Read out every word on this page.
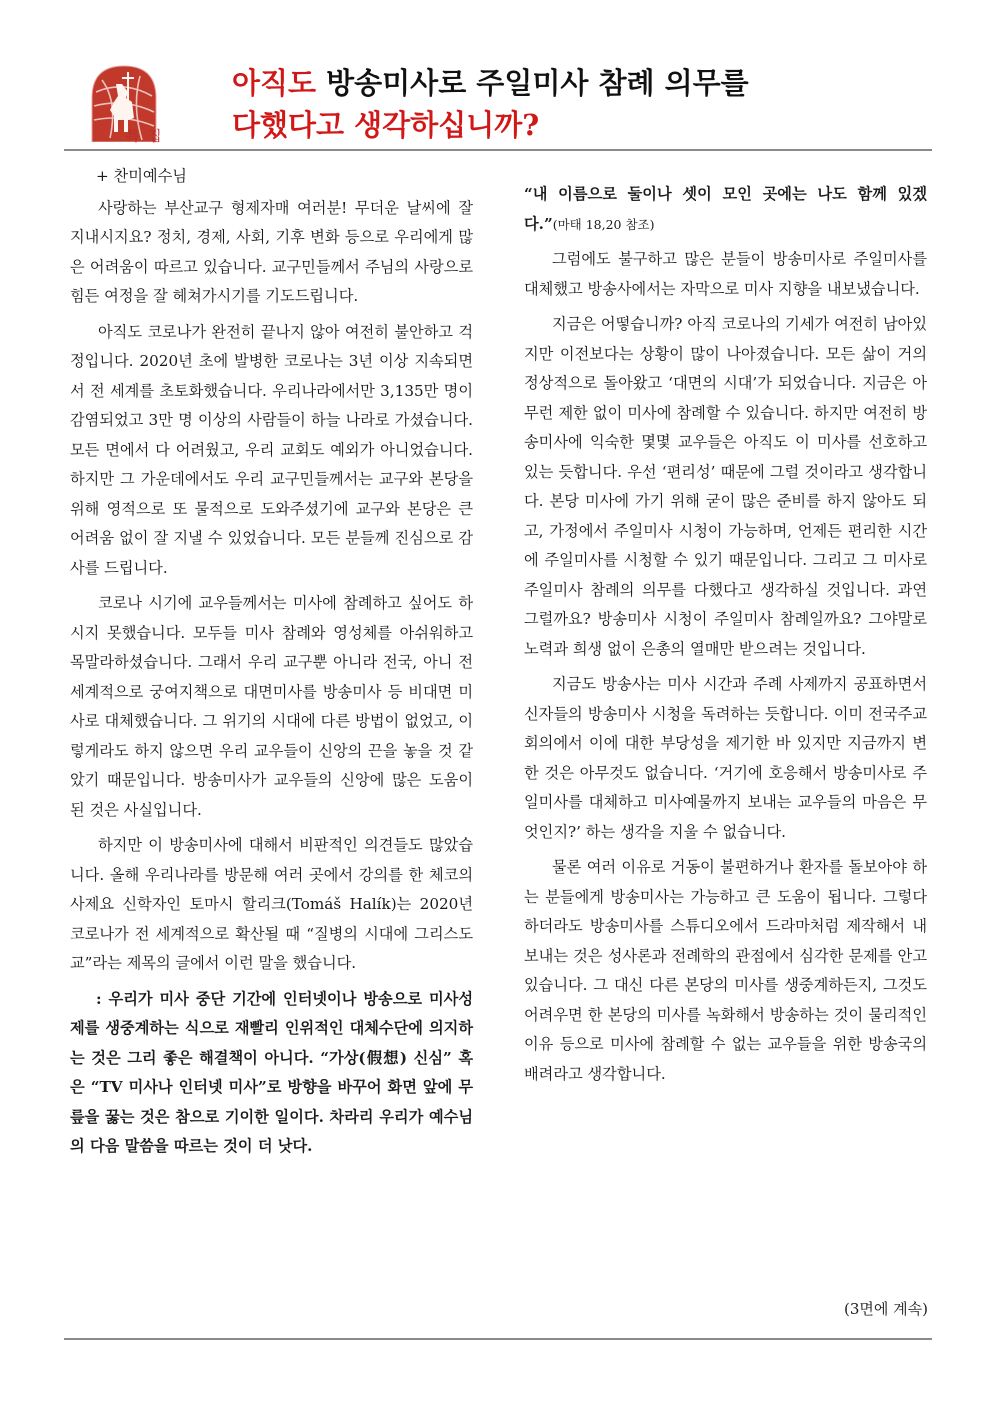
특 집
아직도 방송미사로 주일미사 참례 의무를
다했다고 생각하십니까?

+ 찬미예수님

사랑하는 부산교구 형제자매 여러분! 무더운 날씨에 잘 지내시지요? 정치, 경제, 사회, 기후 변화 등으로 우리에게 많은 어려움이 따르고 있습니다. 교구민들께서 주님의 사랑으로 힘든 여정을 잘 헤쳐가시기를 기도드립니다.

아직도 코로나가 완전히 끝나지 않아 여전히 불안하고 걱정입니다. 2020년 초에 발병한 코로나는 3년 이상 지속되면서 전 세계를 초토화했습니다. 우리나라에서만 3,135만 명이 감염되었고 3만 명 이상의 사람들이 하늘 나라로 가셨습니다. 모든 면에서 다 어려웠고, 우리 교회도 예외가 아니었습니다. 하지만 그 가운데에서도 우리 교구민들께서는 교구와 본당을 위해 영적으로 또 물적으로 도와주셨기에 교구와 본당은 큰 어려움 없이 잘 지낼 수 있었습니다. 모든 분들께 진심으로 감사를 드립니다.

코로나 시기에 교우들께서는 미사에 참례하고 싶어도 하시지 못했습니다. 모두들 미사 참례와 영성체를 아쉬워하고 목말라하셨습니다. 그래서 우리 교구뿐 아니라 전국, 아니 전 세계적으로 궁여지책으로 대면미사를 방송미사 등 비대면 미사로 대체했습니다. 그 위기의 시대에 다른 방법이 없었고, 이렇게라도 하지 않으면 우리 교우들이 신앙의 끈을 놓을 것 같았기 때문입니다. 방송미사가 교우들의 신앙에 많은 도움이 된 것은 사실입니다.

하지만 이 방송미사에 대해서 비판적인 의견들도 많았습니다. 올해 우리나라를 방문해 여러 곳에서 강의를 한 체코의 사제요 신학자인 토마시 할리크(Tomáš Halík)는 2020년 코로나가 전 세계적으로 확산될 때 “질병의 시대에 그리스도교”라는 제목의 글에서 이런 말을 했습니다.

: 우리가 미사 중단 기간에 인터넷이나 방송으로 미사성제를 생중계하는 식으로 재빨리 인위적인 대체수단에 의지하는 것은 그리 좋은 해결책이 아니다. “가상(假想) 신심” 혹은 “TV 미사나 인터넷 미사”로 방향을 바꾸어 화면 앞에 무릎을 꿇는 것은 참으로 기이한 일이다. 차라리 우리가 예수님의 다음 말씀을 따르는 것이 더 낫다.

“내 이름으로 둘이나 셋이 모인 곳에는 나도 함께 있겠다.”(마태 18,20 참조)

그럼에도 불구하고 많은 분들이 방송미사로 주일미사를 대체했고 방송사에서는 자막으로 미사 지향을 내보냈습니다.

지금은 어떻습니까? 아직 코로나의 기세가 여전히 남아있지만 이전보다는 상황이 많이 나아졌습니다. 모든 삶이 거의 정상적으로 돌아왔고 ‘대면의 시대’가 되었습니다. 지금은 아무런 제한 없이 미사에 참례할 수 있습니다. 하지만 여전히 방송미사에 익숙한 몇몇 교우들은 아직도 이 미사를 선호하고 있는 듯합니다. 우선 ‘편리성’ 때문에 그럴 것이라고 생각합니다. 본당 미사에 가기 위해 굳이 많은 준비를 하지 않아도 되고, 가정에서 주일미사 시청이 가능하며, 언제든 편리한 시간에 주일미사를 시청할 수 있기 때문입니다. 그리고 그 미사로 주일미사 참례의 의무를 다했다고 생각하실 것입니다. 과연 그럴까요? 방송미사 시청이 주일미사 참례일까요? 그야말로 노력과 희생 없이 은총의 열매만 받으려는 것입니다.

지금도 방송사는 미사 시간과 주례 사제까지 공표하면서 신자들의 방송미사 시청을 독려하는 듯합니다. 이미 전국주교회의에서 이에 대한 부당성을 제기한 바 있지만 지금까지 변한 것은 아무것도 없습니다. ‘거기에 호응해서 방송미사로 주일미사를 대체하고 미사예물까지 보내는 교우들의 마음은 무엇인지?’ 하는 생각을 지울 수 없습니다.

물론 여러 이유로 거동이 불편하거나 환자를 돌보아야 하는 분들에게 방송미사는 가능하고 큰 도움이 됩니다. 그렇다 하더라도 방송미사를 스튜디오에서 드라마처럼 제작해서 내보내는 것은 성사론과 전례학의 관점에서 심각한 문제를 안고 있습니다. 그 대신 다른 본당의 미사를 생중계하든지, 그것도 어려우면 한 본당의 미사를 녹화해서 방송하는 것이 물리적인 이유 등으로 미사에 참례할 수 없는 교우들을 위한 방송국의 배려라고 생각합니다.

(3면에 계속)
